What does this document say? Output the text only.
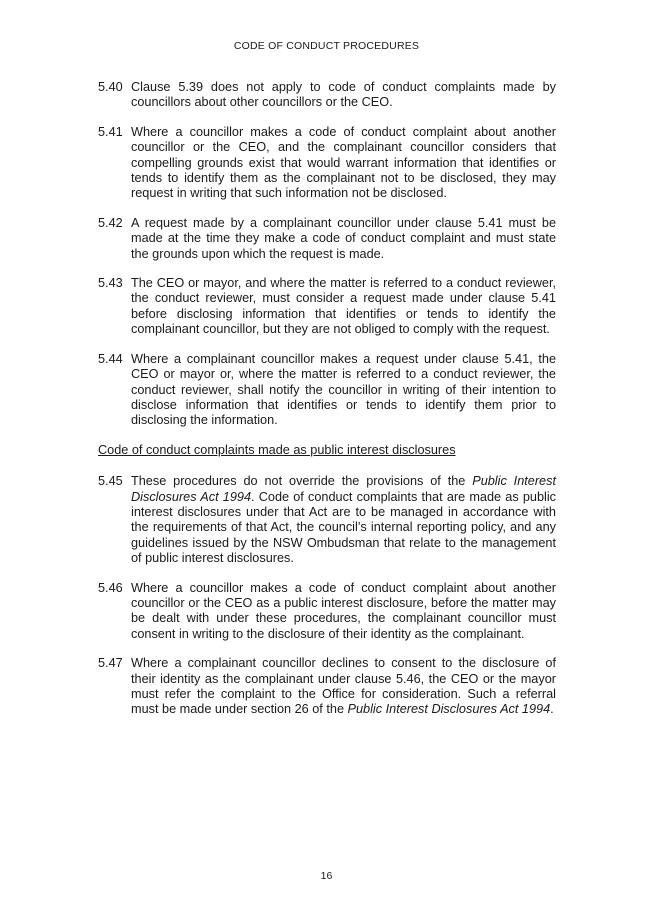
CODE OF CONDUCT PROCEDURES
5.40 Clause 5.39 does not apply to code of conduct complaints made by councillors about other councillors or the CEO.
5.41 Where a councillor makes a code of conduct complaint about another councillor or the CEO, and the complainant councillor considers that compelling grounds exist that would warrant information that identifies or tends to identify them as the complainant not to be disclosed, they may request in writing that such information not be disclosed.
5.42 A request made by a complainant councillor under clause 5.41 must be made at the time they make a code of conduct complaint and must state the grounds upon which the request is made.
5.43 The CEO or mayor, and where the matter is referred to a conduct reviewer, the conduct reviewer, must consider a request made under clause 5.41 before disclosing information that identifies or tends to identify the complainant councillor, but they are not obliged to comply with the request.
5.44 Where a complainant councillor makes a request under clause 5.41, the CEO or mayor or, where the matter is referred to a conduct reviewer, the conduct reviewer, shall notify the councillor in writing of their intention to disclose information that identifies or tends to identify them prior to disclosing the information.
Code of conduct complaints made as public interest disclosures
5.45 These procedures do not override the provisions of the Public Interest Disclosures Act 1994. Code of conduct complaints that are made as public interest disclosures under that Act are to be managed in accordance with the requirements of that Act, the council’s internal reporting policy, and any guidelines issued by the NSW Ombudsman that relate to the management of public interest disclosures.
5.46 Where a councillor makes a code of conduct complaint about another councillor or the CEO as a public interest disclosure, before the matter may be dealt with under these procedures, the complainant councillor must consent in writing to the disclosure of their identity as the complainant.
5.47 Where a complainant councillor declines to consent to the disclosure of their identity as the complainant under clause 5.46, the CEO or the mayor must refer the complaint to the Office for consideration. Such a referral must be made under section 26 of the Public Interest Disclosures Act 1994.
16
